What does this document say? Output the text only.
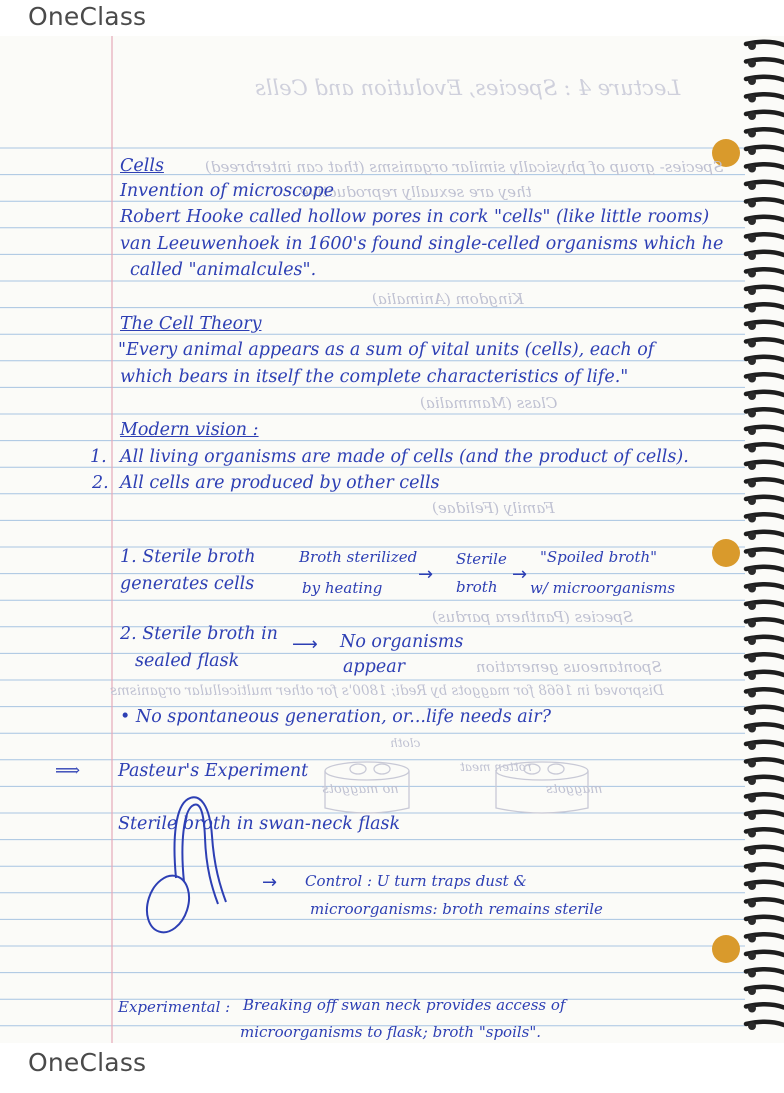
OneClass
Lecture 4 : Species, Evolution and Cells
Species- group of physically similar organisms (that can interbreed)
they are sexually reproductive
Kingdom (Animalia)
Class (Mammalia)
Family (Felidae)
Species (Panthera pardus)
Spontaneous generation
Disproved in 1668 for maggots by Redi; 1800's for other multicellular organisms
cloth
rotten meat
no maggots	maggots
Cells
Invention of microscope
Robert Hooke called hollow pores in cork "cells" (like little rooms)
van Leeuwenhoek in 1600's found single-celled organisms which he
called "animalcules".
The Cell Theory
"Every animal appears as a sum of vital units (cells), each of
which bears in itself the complete characteristics of life."
Modern vision :
1. All living organisms are made of cells (and the product of cells).
2. All cells are produced by other cells
1. Sterile broth
generates cells
Broth sterilized
by heating
→
Sterile
broth
→
"Spoiled broth"
w/ microorganisms
2. Sterile broth in
sealed flask
⟶ No organisms
appear
• No spontaneous generation, or...life needs air?
⟹ Pasteur's Experiment
Sterile broth in swan-neck flask
→ Control : U turn traps dust &
microorganisms: broth remains sterile
Experimental : Breaking off swan neck provides access of
microorganisms to flask; broth "spoils".
OneClass
